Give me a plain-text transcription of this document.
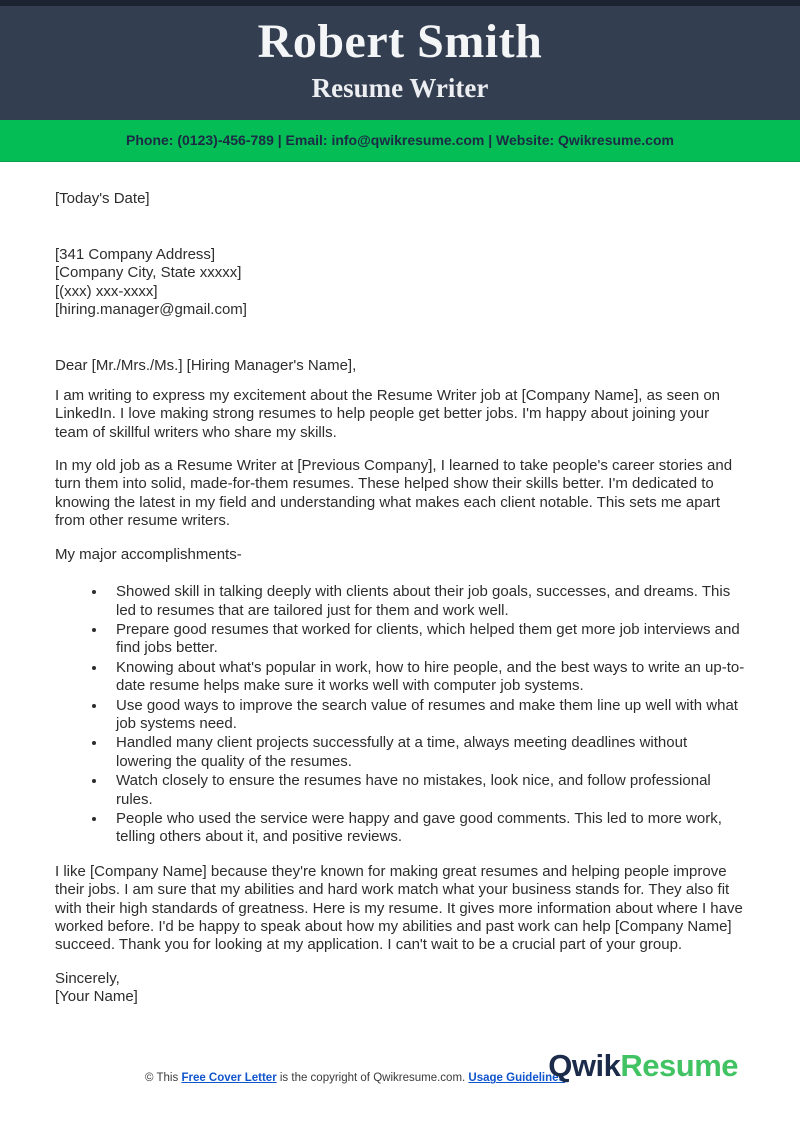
Robert Smith
Resume Writer
Phone: (0123)-456-789 | Email: info@qwikresume.com | Website: Qwikresume.com

[Today's Date]

[341 Company Address]

[Company City, State xxxxx]

[(xxx) xxx-xxxx]

[hiring.manager@gmail.com]

Dear [Mr./Mrs./Ms.] [Hiring Manager's Name],

I am writing to express my excitement about the Resume Writer job at [Company Name], as seen on LinkedIn. I love making strong resumes to help people get better jobs. I'm happy about joining your team of skillful writers who share my skills.

In my old job as a Resume Writer at [Previous Company], I learned to take people's career stories and turn them into solid, made-for-them resumes. These helped show their skills better. I'm dedicated to knowing the latest in my field and understanding what makes each client notable. This sets me apart from other resume writers.

My major accomplishments-

• Showed skill in talking deeply with clients about their job goals, successes, and dreams. This led to resumes that are tailored just for them and work well.
• Prepare good resumes that worked for clients, which helped them get more job interviews and find jobs better.
• Knowing about what's popular in work, how to hire people, and the best ways to write an up-to-date resume helps make sure it works well with computer job systems.
• Use good ways to improve the search value of resumes and make them line up well with what job systems need.
• Handled many client projects successfully at a time, always meeting deadlines without lowering the quality of the resumes.
• Watch closely to ensure the resumes have no mistakes, look nice, and follow professional rules.
• People who used the service were happy and gave good comments. This led to more work, telling others about it, and positive reviews.

I like [Company Name] because they're known for making great resumes and helping people improve their jobs. I am sure that my abilities and hard work match what your business stands for. They also fit with their high standards of greatness. Here is my resume. It gives more information about where I have worked before. I'd be happy to speak about how my abilities and past work can help [Company Name] succeed. Thank you for looking at my application. I can't wait to be a crucial part of your group.

Sincerely,

[Your Name]

© This Free Cover Letter is the copyright of Qwikresume.com. Usage Guidelines
QwikResume
